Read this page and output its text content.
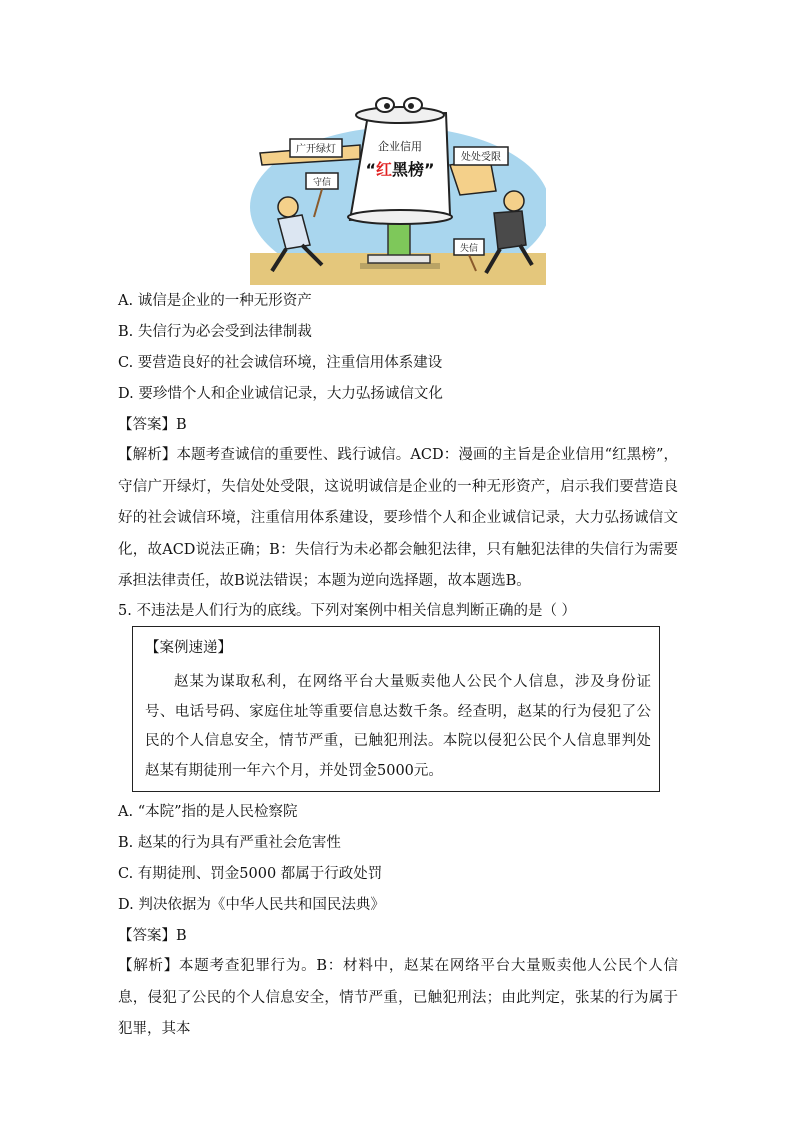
企业信用
“红黑榜”
广开绿灯
处处受限
守信
失信
A. 诚信是企业的一种无形资产
B. 失信行为必会受到法律制裁
C. 要营造良好的社会诚信环境，注重信用体系建设
D. 要珍惜个人和企业诚信记录，大力弘扬诚信文化
【答案】B
【解析】本题考查诚信的重要性、践行诚信。ACD：漫画的主旨是企业信用“红黑榜”，守信广开绿灯，失信处处受限，这说明诚信是企业的一种无形资产，启示我们要营造良好的社会诚信环境，注重信用体系建设，要珍惜个人和企业诚信记录，大力弘扬诚信文化，故ACD说法正确；B：失信行为未必都会触犯法律，只有触犯法律的失信行为需要承担法律责任，故B说法错误；本题为逆向选择题，故本题选B。
5. 不违法是人们行为的底线。下列对案例中相关信息判断正确的是（ ）
【案例速递】
赵某为谋取私利，在网络平台大量贩卖他人公民个人信息，涉及身份证号、电话号码、家庭住址等重要信息达数千条。经查明，赵某的行为侵犯了公民的个人信息安全，情节严重，已触犯刑法。本院以侵犯公民个人信息罪判处赵某有期徒刑一年六个月，并处罚金5000元。
A. “本院”指的是人民检察院
B. 赵某的行为具有严重社会危害性
C. 有期徒刑、罚金5000 都属于行政处罚
D. 判决依据为《中华人民共和国民法典》
【答案】B
【解析】本题考查犯罪行为。B：材料中，赵某在网络平台大量贩卖他人公民个人信息，侵犯了公民的个人信息安全，情节严重，已触犯刑法；由此判定，张某的行为属于犯罪，其本
